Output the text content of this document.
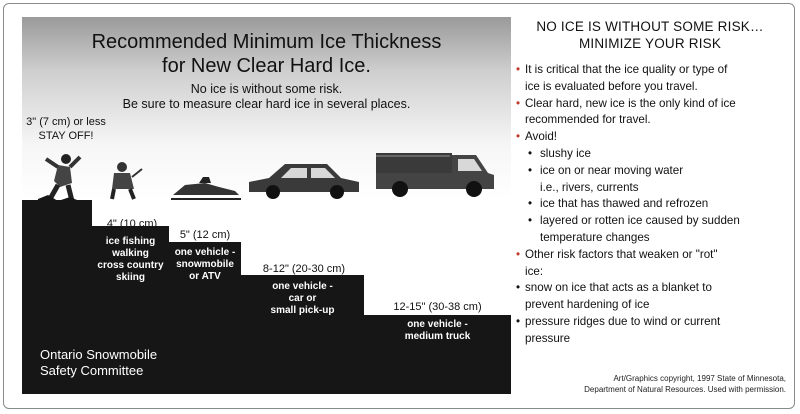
Recommended Minimum Ice Thickness
for New Clear Hard Ice.
No ice is without some risk.
Be sure to measure clear hard ice in several places.
3" (7 cm) or less
STAY OFF!
4" (10 cm)
ice fishing
walking
cross country
skiing
5" (12 cm)
one vehicle -
snowmobile
or ATV
8-12" (20-30 cm)
one vehicle -
car or
small pick-up	12-15" (30-38 cm)
one vehicle -
medium truck
Ontario Snowmobile
Safety Committee
NO ICE IS WITHOUT SOME RISK…
MINIMIZE YOUR RISK
• It is critical that the ice quality or type of
ice is evaluated before you travel.
• Clear hard, new ice is the only kind of ice
recommended for travel.
• Avoid!
• slushy ice
• ice on or near moving water
i.e., rivers, currents
• ice that has thawed and refrozen
• layered or rotten ice caused by sudden
temperature changes
• Other risk factors that weaken or "rot"
ice:
• snow on ice that acts as a blanket to
prevent hardening of ice
• pressure ridges due to wind or current
pressure
Art/Graphics copyright, 1997 State of Minnesota,
Department of Natural Resources. Used with permission.
